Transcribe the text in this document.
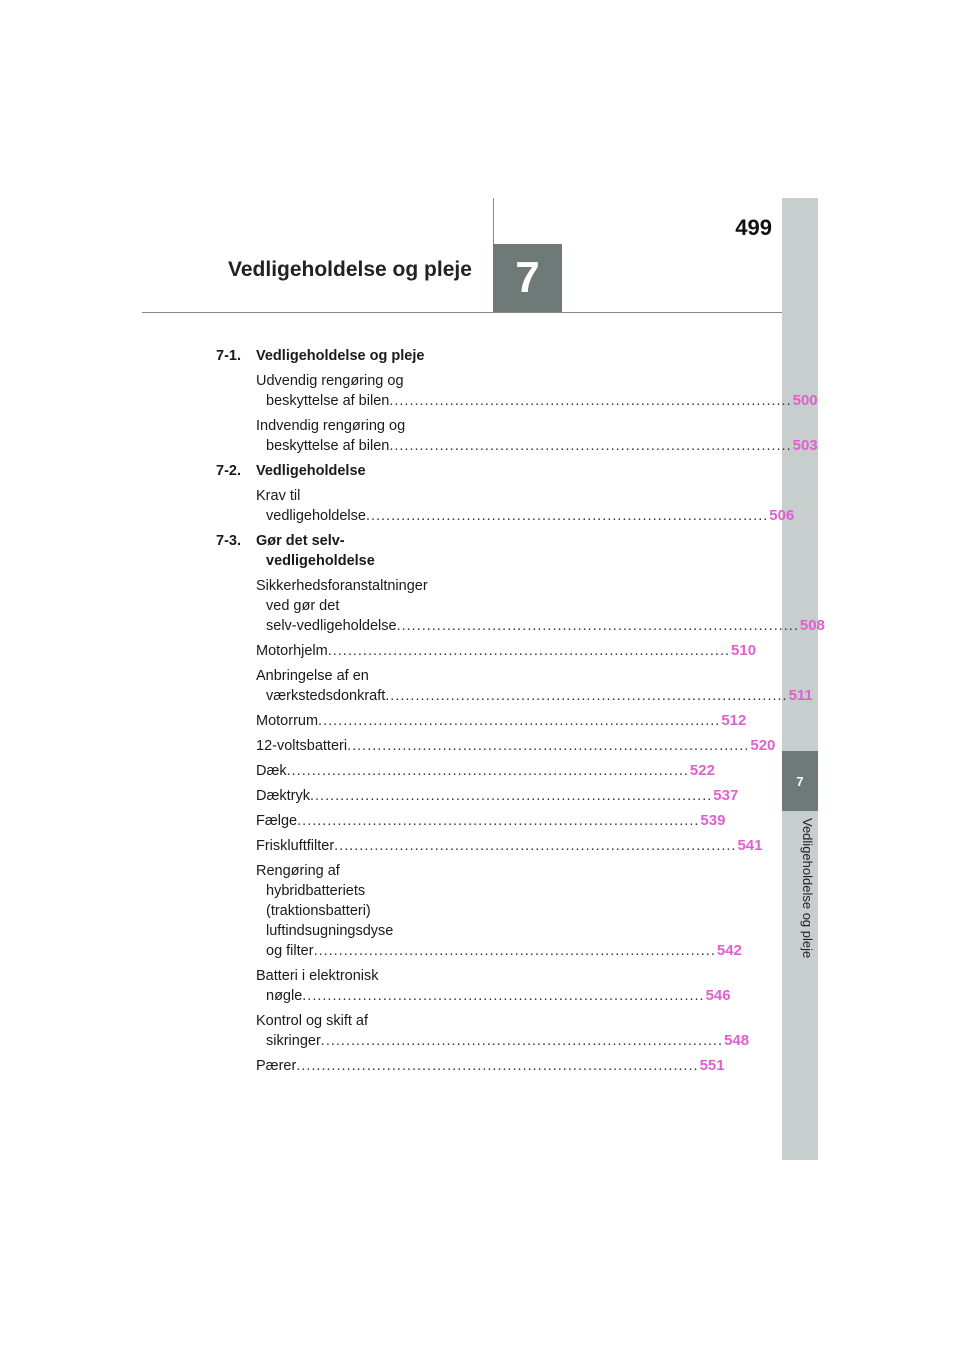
7
Vedligeholdelse og pleje
7
499
Vedligeholdelse og pleje
7-1.	Vedligeholdelse og pleje
Udvendig rengøring og
beskyttelse af bilen ................................................................................ 500
Indvendig rengøring og
beskyttelse af bilen ................................................................................ 503
7-2.	Vedligeholdelse
Krav til
vedligeholdelse ................................................................................ 506
7-3.	Gør det selv-
vedligeholdelse
Sikkerhedsforanstaltninger
ved gør det
selv-vedligeholdelse ................................................................................ 508
Motorhjelm ................................................................................ 510
Anbringelse af en
værkstedsdonkraft ................................................................................ 511
Motorrum ................................................................................ 512
12-voltsbatteri ................................................................................ 520
Dæk ................................................................................ 522
Dæktryk ................................................................................ 537
Fælge ................................................................................ 539
Friskluftfilter ................................................................................ 541
Rengøring af
hybridbatteriets
(traktionsbatteri)
luftindsugningsdyse
og filter ................................................................................ 542
Batteri i elektronisk
nøgle ................................................................................ 546
Kontrol og skift af
sikringer ................................................................................ 548
Pærer ................................................................................ 551
